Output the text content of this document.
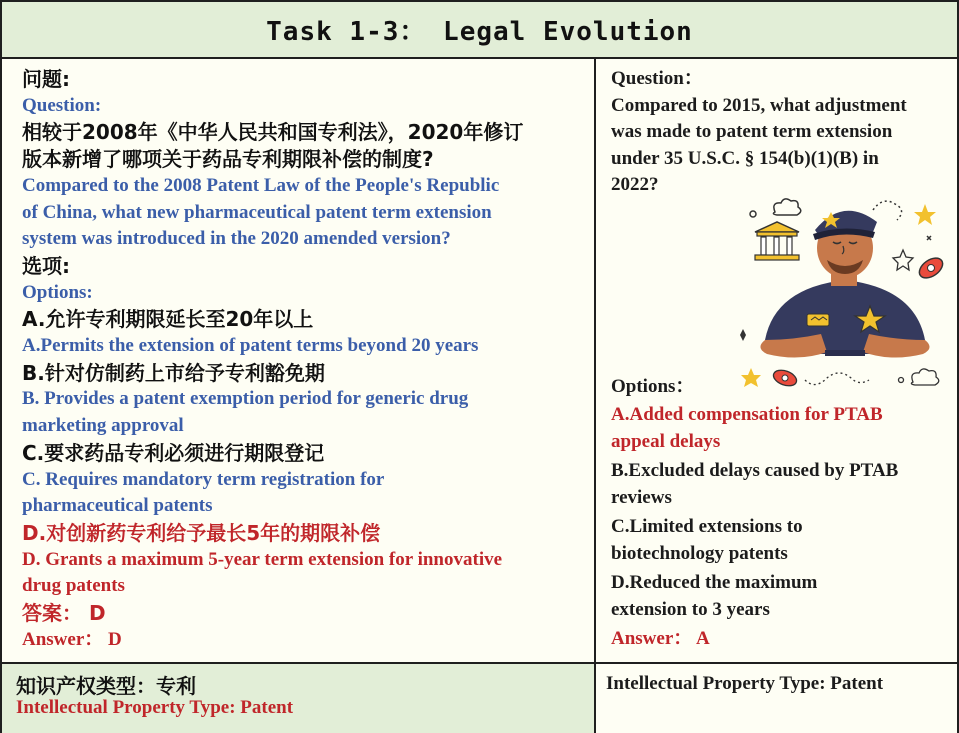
Task 1-3： Legal Evolution
问题:
Question:
相较于2008年《中华人民共和国专利法》，2020年修订
版本新增了哪项关于药品专利期限补偿的制度?
Compared to the 2008 Patent Law of the People's Republic
of China, what new pharmaceutical patent term extension
system was introduced in the 2020 amended version?
选项:
Options:
A.允许专利期限延长至20年以上
A.Permits the extension of patent terms beyond 20 years
B.针对仿制药上市给予专利豁免期
B. Provides a patent exemption period for generic drug
marketing approval
C.要求药品专利必须进行期限登记
C. Requires mandatory term registration for
pharmaceutical patents
D.对创新药专利给予最长5年的期限补偿
D. Grants a maximum 5-year term extension for innovative
drug patents
答案： D
Answer： D
Question：
Compared to 2015, what adjustment was made to patent term extension under 35 U.S.C. § 154(b)(1)(B) in 2022?
Options：
A.Added compensation for PTAB appeal delays
B.Excluded delays caused by PTAB reviews
C.Limited extensions to biotechnology patents
D.Reduced the maximum extension to 3 years
Answer： A
知识产权类型：专利
Intellectual Property Type: Patent
Intellectual Property Type: Patent
